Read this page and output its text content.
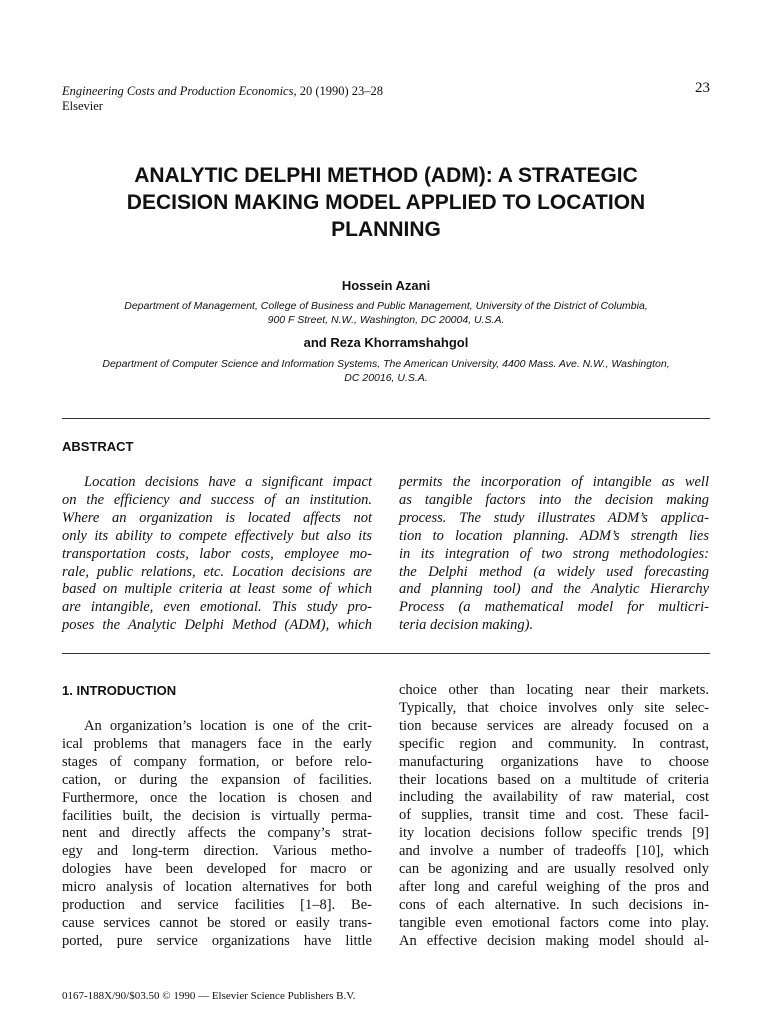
Engineering Costs and Production Economics, 20 (1990) 23–28
Elsevier
23
ANALYTIC DELPHI METHOD (ADM): A STRATEGIC
DECISION MAKING MODEL APPLIED TO LOCATION
PLANNING
Hossein Azani
Department of Management, College of Business and Public Management, University of the District of Columbia,
900 F Street, N.W., Washington, DC 20004, U.S.A.
and Reza Khorramshahgol
Department of Computer Science and Information Systems, The American University, 4400 Mass. Ave. N.W., Washington,
DC 20016, U.S.A.
ABSTRACT
Location decisions have a significant impact
on the efficiency and success of an institution.
Where an organization is located affects not
only its ability to compete effectively but also its
transportation costs, labor costs, employee mo-
rale, public relations, etc. Location decisions are
based on multiple criteria at least some of which
are intangible, even emotional. This study pro-
poses the Analytic Delphi Method (ADM), which
permits the incorporation of intangible as well
as tangible factors into the decision making
process. The study illustrates ADM’s applica-
tion to location planning. ADM’s strength lies
in its integration of two strong methodologies:
the Delphi method (a widely used forecasting
and planning tool) and the Analytic Hierarchy
Process (a mathematical model for multicri-
teria decision making).
1. INTRODUCTION
An organization’s location is one of the crit-
ical problems that managers face in the early
stages of company formation, or before relo-
cation, or during the expansion of facilities.
Furthermore, once the location is chosen and
facilities built, the decision is virtually perma-
nent and directly affects the company’s strat-
egy and long-term direction. Various metho-
dologies have been developed for macro or
micro analysis of location alternatives for both
production and service facilities [1–8]. Be-
cause services cannot be stored or easily trans-
ported, pure service organizations have little
choice other than locating near their markets.
Typically, that choice involves only site selec-
tion because services are already focused on a
specific region and community. In contrast,
manufacturing organizations have to choose
their locations based on a multitude of criteria
including the availability of raw material, cost
of supplies, transit time and cost. These facil-
ity location decisions follow specific trends [9]
and involve a number of tradeoffs [10], which
can be agonizing and are usually resolved only
after long and careful weighing of the pros and
cons of each alternative. In such decisions in-
tangible even emotional factors come into play.
An effective decision making model should al-
0167-188X/90/$03.50 © 1990 — Elsevier Science Publishers B.V.
